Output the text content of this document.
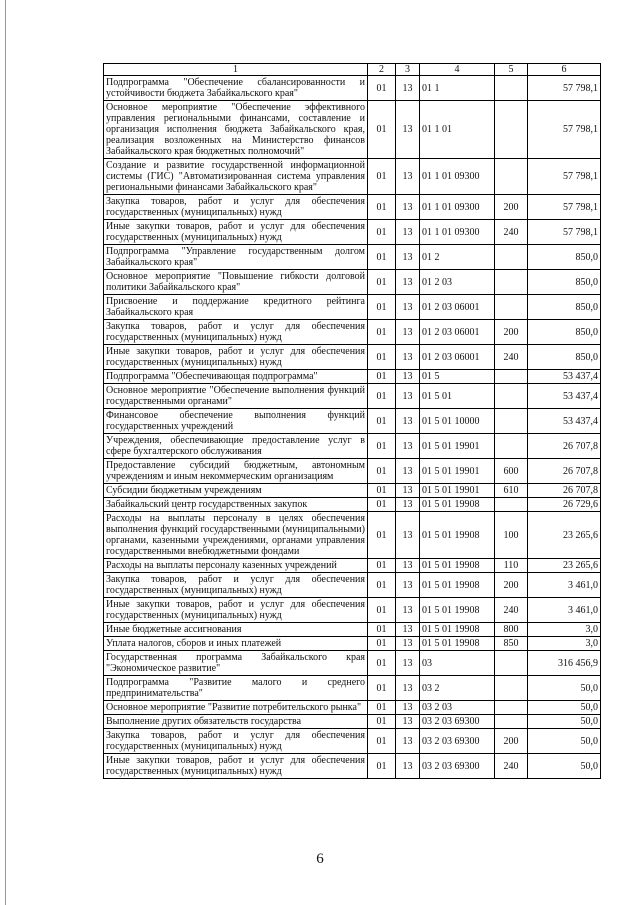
1	2	3	4	5	6
Подпрограмма "Обеспечение сбалансированности и устойчивости бюджета Забайкальского края"	01	13	01 1		57 798,1
Основное мероприятие "Обеспечение эффективного управления региональными финансами, составление и организация исполнения бюджета Забайкальского края, реализация возложенных на Министерство финансов Забайкальского края бюджетных полномочий"	01	13	01 1 01		57 798,1
Создание и развитие государственной информационной системы (ГИС) "Автоматизированная система управления региональными финансами Забайкальского края"	01	13	01 1 01 09300		57 798,1
Закупка товаров, работ и услуг для обеспечения государственных (муниципальных) нужд	01	13	01 1 01 09300	200	57 798,1
Иные закупки товаров, работ и услуг для обеспечения государственных (муниципальных) нужд	01	13	01 1 01 09300	240	57 798,1
Подпрограмма "Управление государственным долгом Забайкальского края"	01	13	01 2		850,0
Основное мероприятие "Повышение гибкости долговой политики Забайкальского края"	01	13	01 2 03		850,0
Присвоение и поддержание кредитного рейтинга Забайкальского края	01	13	01 2 03 06001		850,0
Закупка товаров, работ и услуг для обеспечения государственных (муниципальных) нужд	01	13	01 2 03 06001	200	850,0
Иные закупки товаров, работ и услуг для обеспечения государственных (муниципальных) нужд	01	13	01 2 03 06001	240	850,0
Подпрограмма "Обеспечивающая подпрограмма"	01	13	01 5		53 437,4
Основное мероприятие "Обеспечение выполнения функций государственными органами"	01	13	01 5 01		53 437,4
Финансовое обеспечение выполнения функций государственных учреждений	01	13	01 5 01 10000		53 437,4
Учреждения, обеспечивающие предоставление услуг в сфере бухгалтерского обслуживания	01	13	01 5 01 19901		26 707,8
Предоставление субсидий бюджетным, автономным учреждениям и иным некоммерческим организациям	01	13	01 5 01 19901	600	26 707,8
Субсидии бюджетным учреждениям	01	13	01 5 01 19901	610	26 707,8
Забайкальский центр государственных закупок	01	13	01 5 01 19908		26 729,6
Расходы на выплаты персоналу в целях обеспечения выполнения функций государственными (муниципальными) органами, казенными учреждениями, органами управления государственными внебюджетными фондами	01	13	01 5 01 19908	100	23 265,6
Расходы на выплаты персоналу казенных учреждений	01	13	01 5 01 19908	110	23 265,6
Закупка товаров, работ и услуг для обеспечения государственных (муниципальных) нужд	01	13	01 5 01 19908	200	3 461,0
Иные закупки товаров, работ и услуг для обеспечения государственных (муниципальных) нужд	01	13	01 5 01 19908	240	3 461,0
Иные бюджетные ассигнования	01	13	01 5 01 19908	800	3,0
Уплата налогов, сборов и иных платежей	01	13	01 5 01 19908	850	3,0
Государственная программа Забайкальского края "Экономическое развитие"	01	13	03		316 456,9
Подпрограмма "Развитие малого и среднего предпринимательства"	01	13	03 2		50,0
Основное мероприятие "Развитие потребительского рынка"	01	13	03 2 03		50,0
Выполнение других обязательств государства	01	13	03 2 03 69300		50,0
Закупка товаров, работ и услуг для обеспечения государственных (муниципальных) нужд	01	13	03 2 03 69300	200	50,0
Иные закупки товаров, работ и услуг для обеспечения государственных (муниципальных) нужд	01	13	03 2 03 69300	240	50,0
6
